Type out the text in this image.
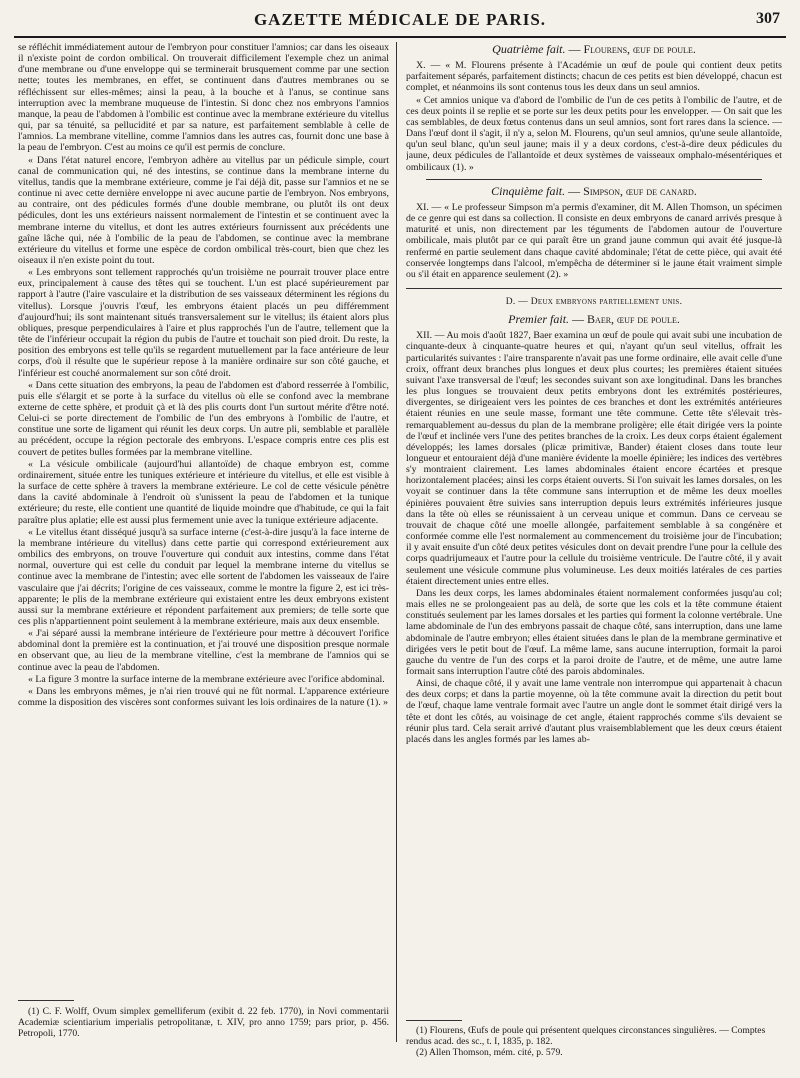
GAZETTE MÉDICALE DE PARIS.	307

se réfléchit immédiatement autour de l'embryon pour constituer l'amnios; car dans les oiseaux il n'existe point de cordon ombilical. On trouverait difficilement l'exemple chez un animal d'une membrane ou d'une enveloppe qui se terminerait brusquement comme par une section nette; toutes les membranes, en effet, se continuent dans d'autres membranes ou se réfléchissent sur elles-mêmes; ainsi la peau, à la bouche et à l'anus, se continue sans interruption avec la membrane muqueuse de l'intestin. Si donc chez nos embryons l'amnios manque, la peau de l'abdomen à l'ombilic est continue avec la membrane extérieure du vitellus qui, par sa ténuité, sa pellucidité et par sa nature, est parfaitement semblable à celle de l'amnios. La membrane vitelline, comme l'amnios dans les autres cas, fournit donc une base à la peau de l'embryon. C'est au moins ce qu'il est permis de conclure.

« Dans l'état naturel encore, l'embryon adhère au vitellus par un pédicule simple, court canal de communication qui, né des intestins, se continue dans la membrane interne du vitellus, tandis que la membrane extérieure, comme je l'ai déjà dit, passe sur l'amnios et ne se continue ni avec cette dernière enveloppe ni avec aucune partie de l'embryon. Nos embryons, au contraire, ont des pédicules formés d'une double membrane, ou plutôt ils ont deux pédicules, dont les uns extérieurs naissent normalement de l'intestin et se continuent avec la membrane interne du vitellus, et dont les autres extérieurs fournissent aux précédents une gaîne lâche qui, née à l'ombilic de la peau de l'abdomen, se continue avec la membrane extérieure du vitellus et forme une espèce de cordon ombilical très-court, bien que chez les oiseaux il n'en existe point du tout.

« Les embryons sont tellement rapprochés qu'un troisième ne pourrait trouver place entre eux, principalement à cause des têtes qui se touchent. L'un est placé supérieurement par rapport à l'autre (l'aire vasculaire et la distribution de ses vaisseaux déterminent les régions du vitellus). Lorsque j'ouvris l'œuf, les embryons étaient placés un peu différemment d'aujourd'hui; ils sont maintenant situés transversalement sur le vitellus; ils étaient alors plus obliques, presque perpendiculaires à l'aire et plus rapprochés l'un de l'autre, tellement que la tête de l'inférieur occupait la région du pubis de l'autre et touchait son pied droit. Du reste, la position des embryons est telle qu'ils se regardent mutuellement par la face antérieure de leur corps, d'où il résulte que le supérieur repose à la manière ordinaire sur son côté gauche, et l'inférieur est couché anormalement sur son côté droit.

« Dans cette situation des embryons, la peau de l'abdomen est d'abord resserrée à l'ombilic, puis elle s'élargit et se porte à la surface du vitellus où elle se confond avec la membrane externe de cette sphère, et produit çà et là des plis courts dont l'un surtout mérite d'être noté. Celui-ci se porte directement de l'ombilic de l'un des embryons à l'ombilic de l'autre, et constitue une sorte de ligament qui réunit les deux corps. Un autre pli, semblable et parallèle au précédent, occupe la région pectorale des embryons. L'espace compris entre ces plis est couvert de petites bulles formées par la membrane vitelline.

« La vésicule ombilicale (aujourd'hui allantoïde) de chaque embryon est, comme ordinairement, située entre les tuniques extérieure et intérieure du vitellus, et elle est visible à la surface de cette sphère à travers la membrane extérieure. Le col de cette vésicule pénètre dans la cavité abdominale à l'endroit où s'unissent la peau de l'abdomen et la tunique extérieure; du reste, elle contient une quantité de liquide moindre que d'habitude, ce qui la fait paraître plus aplatie; elle est aussi plus fermement unie avec la tunique extérieure adjacente.

« Le vitellus étant disséqué jusqu'à sa surface interne (c'est-à-dire jusqu'à la face interne de la membrane intérieure du vitellus) dans cette partie qui correspond extérieurement aux ombilics des embryons, on trouve l'ouverture qui conduit aux intestins, comme dans l'état normal, ouverture qui est celle du conduit par lequel la membrane interne du vitellus se continue avec la membrane de l'intestin; avec elle sortent de l'abdomen les vaisseaux de l'aire vasculaire que j'ai décrits; l'origine de ces vaisseaux, comme le montre la figure 2, est ici très-apparente; le plis de la membrane extérieure qui existaient entre les deux embryons existent aussi sur la membrane extérieure et répondent parfaitement aux premiers; de telle sorte que ces plis n'appartiennent point seulement à la membrane extérieure, mais aux deux ensemble.

« J'ai séparé aussi la membrane intérieure de l'extérieure pour mettre à découvert l'orifice abdominal dont la première est la continuation, et j'ai trouvé une disposition presque normale en observant que, au lieu de la membrane vitelline, c'est la membrane de l'amnios qui se continue avec la peau de l'abdomen.

« La figure 3 montre la surface interne de la membrane extérieure avec l'orifice abdominal.

« Dans les embryons mêmes, je n'ai rien trouvé qui ne fût normal. L'apparence extérieure comme la disposition des viscères sont conformes suivant les lois ordinaires de la nature (1). »

(1) C. F. Wolff, Ovum simplex gemelliferum (exibit d. 22 feb. 1770), in Novi commentarii Academiæ scientiarium imperialis petropolitanæ, t. XIV, pro anno 1759; pars prior, p. 456. Petropoli, 1770.

Quatrième fait. — Flourens, œuf de poule.

X. — « M. Flourens présente à l'Académie un œuf de poule qui contient deux petits parfaitement séparés, parfaitement distincts; chacun de ces petits est bien développé, chacun est complet, et néanmoins ils sont contenus tous les deux dans un seul amnios.

« Cet amnios unique va d'abord de l'ombilic de l'un de ces petits à l'ombilic de l'autre, et de ces deux points il se replie et se porte sur les deux petits pour les envelopper. — On sait que les cas semblables, de deux fœtus contenus dans un seul amnios, sont fort rares dans la science. — Dans l'œuf dont il s'agit, il n'y a, selon M. Flourens, qu'un seul amnios, qu'une seule allantoïde, qu'un seul blanc, qu'un seul jaune; mais il y a deux cordons, c'est-à-dire deux pédicules du jaune, deux pédicules de l'allantoïde et deux systèmes de vaisseaux omphalo-mésentériques et ombilicaux (1). »

Cinquième fait. — Simpson, œuf de canard.

XI. — « Le professeur Simpson m'a permis d'examiner, dit M. Allen Thomson, un spécimen de ce genre qui est dans sa collection. Il consiste en deux embryons de canard arrivés presque à maturité et unis, non directement par les téguments de l'abdomen autour de l'ouverture ombilicale, mais plutôt par ce qui paraît être un grand jaune commun qui avait été jusque-là renfermé en partie seulement dans chaque cavité abdominale; l'état de cette pièce, qui avait été conservée longtemps dans l'alcool, m'empêcha de déterminer si le jaune était vraiment simple ou s'il était en apparence seulement (2). »

D. — Deux embryons partiellement unis.
Premier fait. — Baer, œuf de poule.

XII. — Au mois d'août 1827, Baer examina un œuf de poule qui avait subi une incubation de cinquante-deux à cinquante-quatre heures et qui, n'ayant qu'un seul vitellus, offrait les particularités suivantes : l'aire transparente n'avait pas une forme ordinaire, elle avait celle d'une croix, offrant deux branches plus longues et deux plus courtes; les premières étaient situées suivant l'axe transversal de l'œuf; les secondes suivant son axe longitudinal. Dans les branches les plus longues se trouvaient deux petits embryons dont les extrémités postérieures, divergentes, se dirigeaient vers les pointes de ces branches et dont les extrémités antérieures étaient réunies en une seule masse, formant une tête commune. Cette tête s'élevait très-remarquablement au-dessus du plan de la membrane proligère; elle était dirigée vers la pointe de l'œuf et inclinée vers l'une des petites branches de la croix. Les deux corps étaient également développés; les lames dorsales (plicæ primitivæ, Bander) étaient closes dans toute leur longueur et entouraient déjà d'une manière évidente la moelle épinière; les indices des vertèbres s'y montraient clairement. Les lames abdominales étaient encore écartées et presque horizontalement placées; ainsi les corps étaient ouverts. Si l'on suivait les lames dorsales, on les voyait se continuer dans la tête commune sans interruption et de même les deux moelles épinières pouvaient être suivies sans interruption depuis leurs extrémités inférieures jusque dans la tête où elles se réunissaient à un cerveau unique et commun. Dans ce cerveau se trouvait de chaque côté une moelle allongée, parfaitement semblable à sa congénère et conformée comme elle l'est normalement au commencement du troisième jour de l'incubation; il y avait ensuite d'un côté deux petites vésicules dont on devait prendre l'une pour la cellule des corps quadrijumeaux et l'autre pour la cellule du troisième ventricule. De l'autre côté, il y avait seulement une vésicule commune plus volumineuse. Les deux moitiés latérales de ces parties étaient directement unies entre elles.

Dans les deux corps, les lames abdominales étaient normalement conformées jusqu'au col; mais elles ne se prolongeaient pas au delà, de sorte que les cols et la tête commune étaient constitués seulement par les lames dorsales et les parties qui forment la colonne vertébrale. Une lame abdominale de l'un des embryons passait de chaque côté, sans interruption, dans une lame abdominale de l'autre embryon; elles étaient situées dans le plan de la membrane germinative et dirigées vers le petit bout de l'œuf. La même lame, sans aucune interruption, formait la paroi gauche du ventre de l'un des corps et la paroi droite de l'autre, et de même, une autre lame formait sans interruption l'autre côté des parois abdominales.

Ainsi, de chaque côté, il y avait une lame ventrale non interrompue qui appartenait à chacun des deux corps; et dans la partie moyenne, où la tête commune avait la direction du petit bout de l'œuf, chaque lame ventrale formait avec l'autre un angle dont le sommet était dirigé vers la tête et dont les côtés, au voisinage de cet angle, étaient rapprochés comme s'ils devaient se réunir plus tard. Cela serait arrivé d'autant plus vraisemblablement que les deux cœurs étaient placés dans les angles formés par les lames ab-

(1) Flourens, Œufs de poule qui présentent quelques circonstances singulières. — Comptes rendus acad. des sc., t. I, 1835, p. 182.

(2) Allen Thomson, mém. cité, p. 579.
